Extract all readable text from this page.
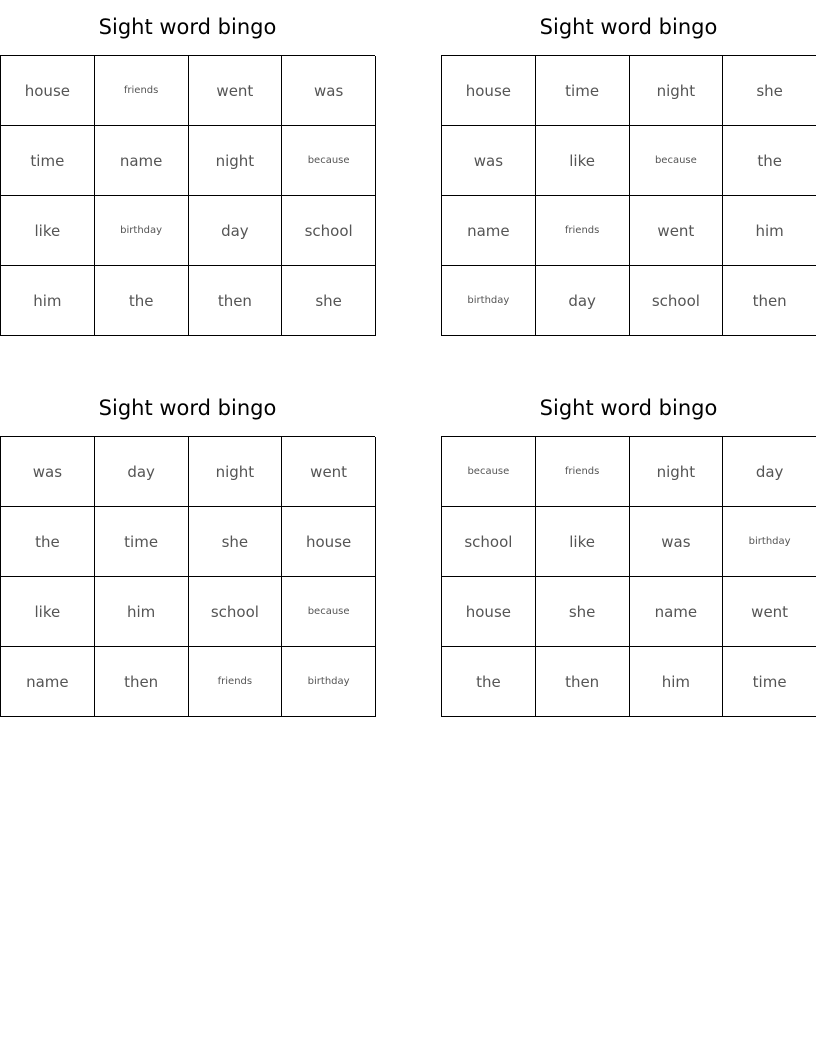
Sight word bingo
house	friends	went	was
time	name	night	because
like	birthday	day	school
him	the	then	she
Sight word bingo
house	time	night	she
was	like	because	the
name	friends	went	him
birthday	day	school	then
Sight word bingo
was	day	night	went
the	time	she	house
like	him	school	because
name	then	friends	birthday
Sight word bingo
because	friends	night	day
school	like	was	birthday
house	she	name	went
the	then	him	time
